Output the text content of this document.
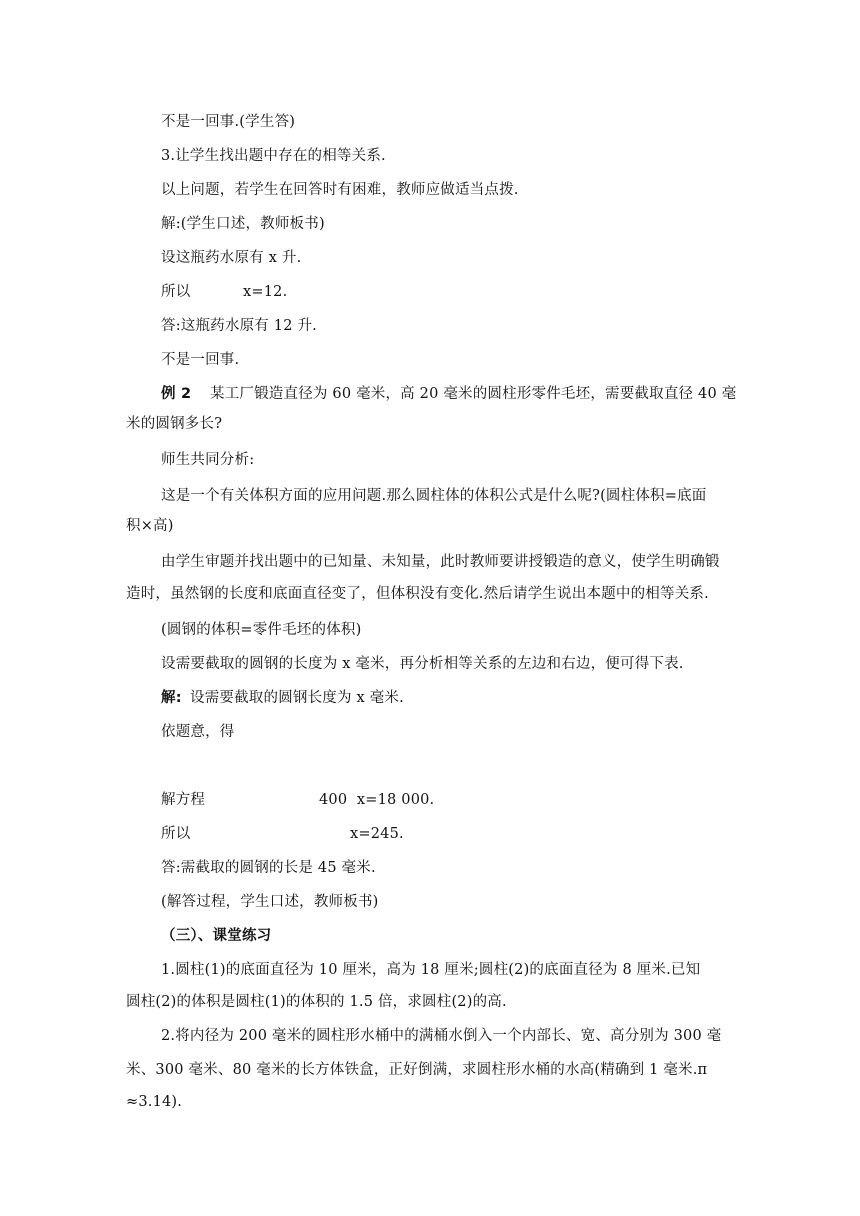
不是一回事.(学生答)
3.让学生找出题中存在的相等关系.
以上问题，若学生在回答时有困难，教师应做适当点拨.
解:(学生口述，教师板书)
设这瓶药水原有 x 升.
所以	x=12.
答:这瓶药水原有 12 升.
不是一回事.
例 2 某工厂锻造直径为 60 毫米，高 20 毫米的圆柱形零件毛坯，需要截取直径 40 毫
米的圆钢多长?
师生共同分析:
这是一个有关体积方面的应用问题.那么圆柱体的体积公式是什么呢?(圆柱体积=底面
积×高)
由学生审题并找出题中的已知量、未知量，此时教师要讲授锻造的意义，使学生明确锻
造时，虽然钢的长度和底面直径变了，但体积没有变化.然后请学生说出本题中的相等关系.
(圆钢的体积=零件毛坯的体积)
设需要截取的圆钢的长度为 x 毫米，再分析相等关系的左边和右边，便可得下表.
解: 设需要截取的圆钢长度为 x 毫米.
依题意，得
解方程	400  x=18 000.
所以	x=245.
答:需截取的圆钢的长是 45 毫米.
(解答过程，学生口述，教师板书)
（三）、课堂练习
1.圆柱(1)的底面直径为 10 厘米，高为 18 厘米;圆柱(2)的底面直径为 8 厘米.已知
圆柱(2)的体积是圆柱(1)的体积的 1.5 倍，求圆柱(2)的高.
2.将内径为 200 毫米的圆柱形水桶中的满桶水倒入一个内部长、宽、高分别为 300 毫
米、300 毫米、80 毫米的长方体铁盒，正好倒满，求圆柱形水桶的水高(精确到 1 毫米.π
≈3.14).
